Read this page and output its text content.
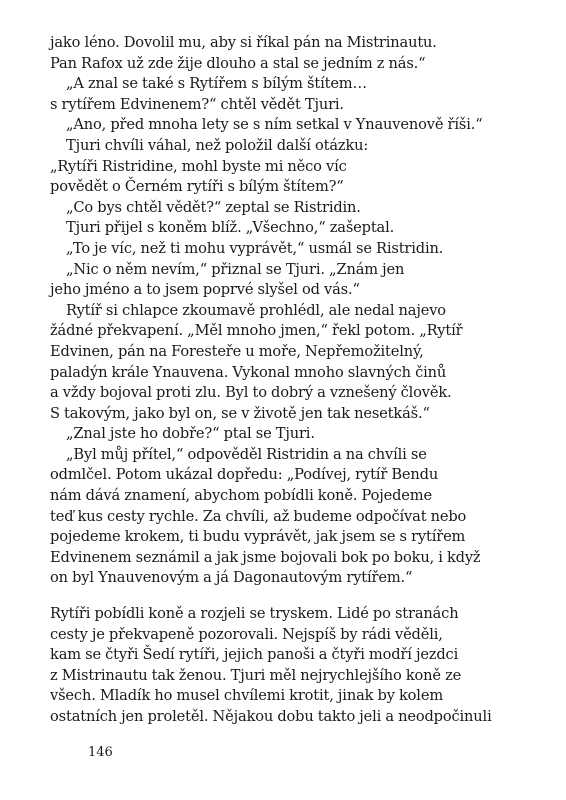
jako léno. Dovolil mu, aby si říkal pán na Mistrinautu.
Pan Rafox už zde žije dlouho a stal se jedním z nás.“
„A znal se také s Rytířem s bílým štítem…
s rytířem Edvinenem?“ chtěl vědět Tjuri.
„Ano, před mnoha lety se s ním setkal v Ynauvenově říši.“
Tjuri chvíli váhal, než položil další otázku:
„Rytíři Ristridine, mohl byste mi něco víc
povědět o Černém rytíři s bílým štítem?“
„Co bys chtěl vědět?“ zeptal se Ristridin.
Tjuri přijel s koněm blíž. „Všechno,“ zašeptal.
„To je víc, než ti mohu vyprávět,“ usmál se Ristridin.
„Nic o něm nevím,“ přiznal se Tjuri. „Znám jen
jeho jméno a to jsem poprvé slyšel od vás.“
Rytíř si chlapce zkoumavě prohlédl, ale nedal najevo
žádné překvapení. „Měl mnoho jmen,“ řekl potom. „Rytíř
Edvinen, pán na Foresteře u moře, Nepřemožitelný,
paladýn krále Ynauvena. Vykonal mnoho slavných činů
a vždy bojoval proti zlu. Byl to dobrý a vznešený člověk.
S takovým, jako byl on, se v životě jen tak nesetkáš.“
„Znal jste ho dobře?“ ptal se Tjuri.
„Byl můj přítel,“ odpověděl Ristridin a na chvíli se
odmlčel. Potom ukázal dopředu: „Podívej, rytíř Bendu
nám dává znamení, abychom pobídli koně. Pojedeme
teď kus cesty rychle. Za chvíli, až budeme odpočívat nebo
pojedeme krokem, ti budu vyprávět, jak jsem se s rytířem
Edvinenem seznámil a jak jsme bojovali bok po boku, i když
on byl Ynauvenovým a já Dagonautovým rytířem.“
Rytíři pobídli koně a rozjeli se tryskem. Lidé po stranách
cesty je překvapeně pozorovali. Nejspíš by rádi věděli,
kam se čtyři Šedí rytíři, jejich panoši a čtyři modří jezdci
z Mistrinautu tak ženou. Tjuri měl nejrychlejšího koně ze
všech. Mladík ho musel chvílemi krotit, jinak by kolem
ostatních jen proletěl. Nějakou dobu takto jeli a neodpočinuli
146
